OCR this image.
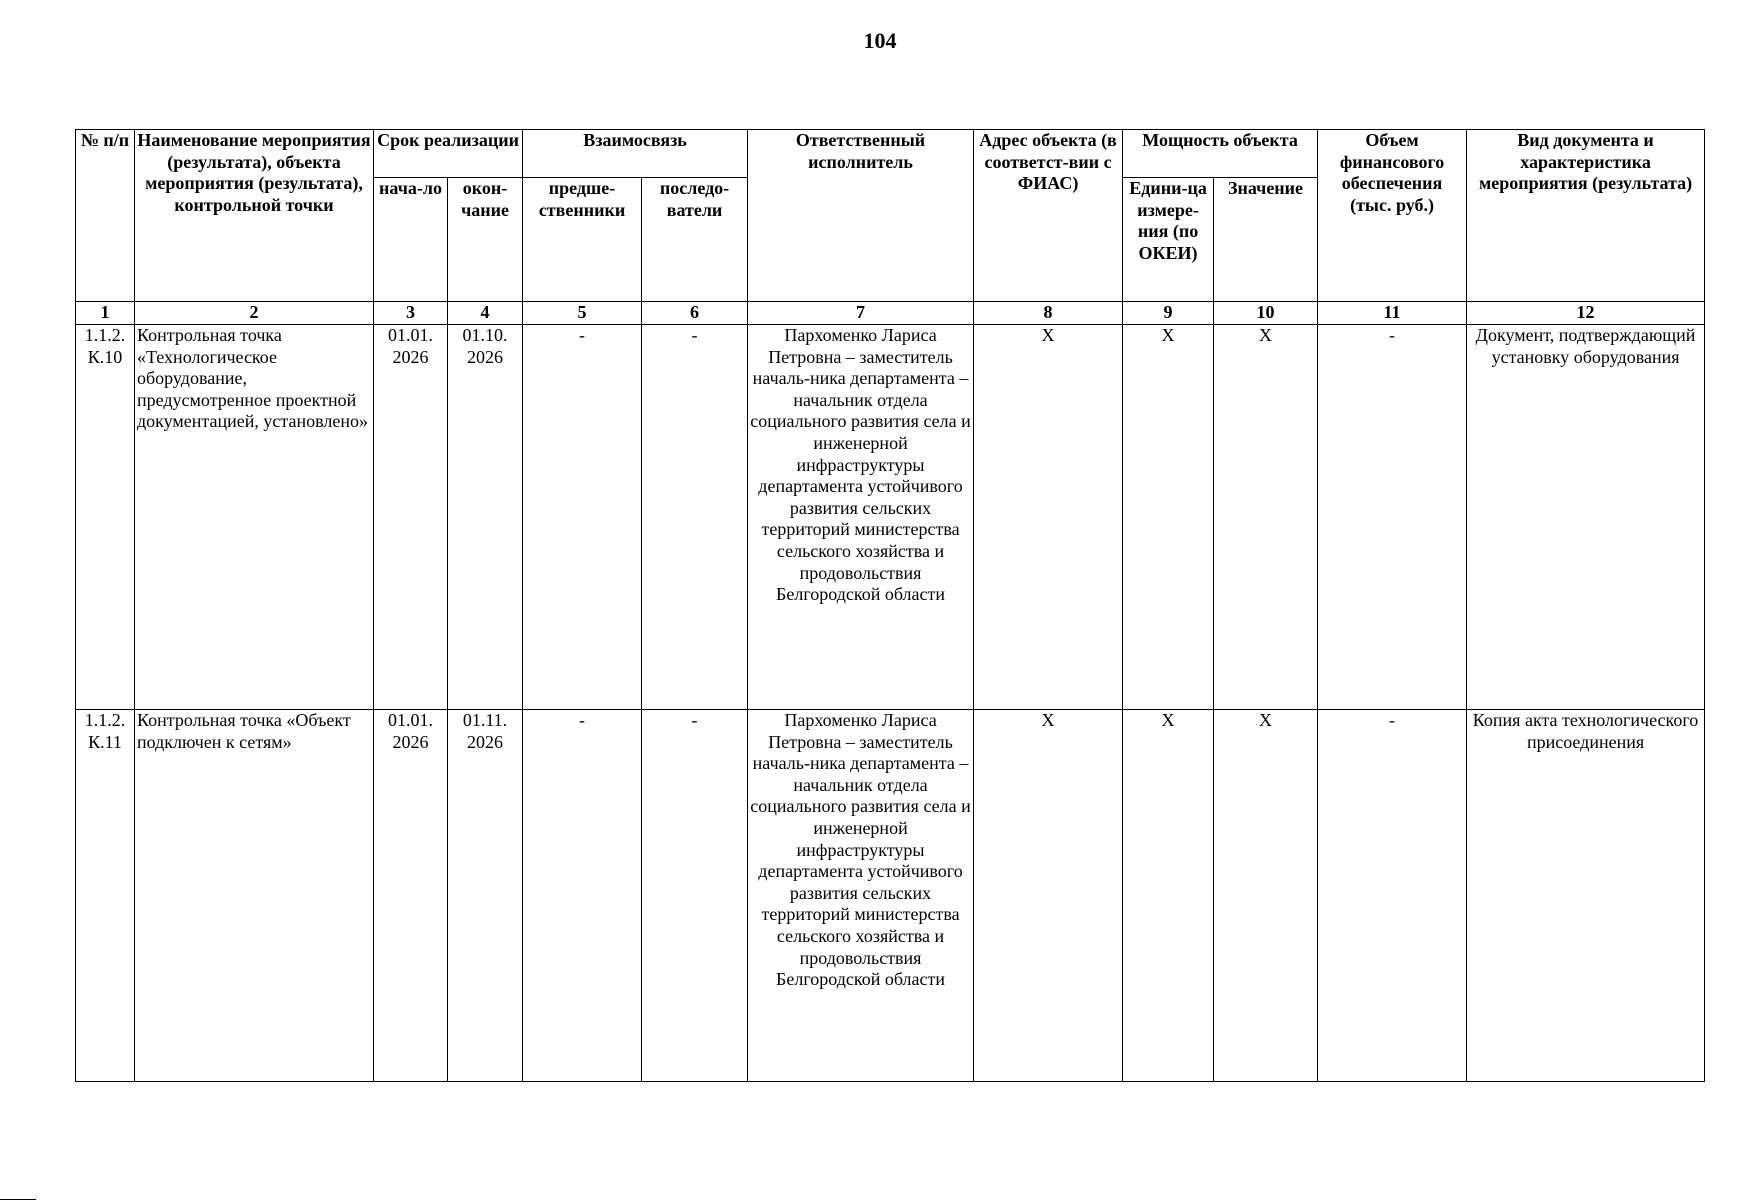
104
№ п/п	Наименование мероприятия (результата), объекта мероприятия (результата), контрольной точки	Срок реализации		Взаимосвязь		Ответственный исполнитель	Адрес объекта (в соответст-вии с ФИАС)	Мощность объекта		Объем финансового обеспечения (тыс. руб.)	Вид документа и характеристика мероприятия (результата)
		нача-ло	окон-чание	предше-ственники	последо-ватели			Едини-ца измере-ния (по ОКЕИ)	Значение		
1	2	3	4	5	6	7	8	9	10	11	12
1.1.2. К.10	Контрольная точка «Технологическое оборудование, предусмотренное проектной документацией, установлено»	01.01. 2026	01.10. 2026	-	-	Пархоменко Лариса Петровна – заместитель началь-ника департамента – начальник отдела социального развития села и инженерной инфраструктуры департамента устойчивого развития сельских территорий министерства сельского хозяйства и продовольствия Белгородской области	X	X	X	-	Документ, подтверждающий установку оборудования
1.1.2. К.11	Контрольная точка «Объект подключен к сетям»	01.01. 2026	01.11. 2026	-	-	Пархоменко Лариса Петровна – заместитель началь-ника департамента – начальник отдела социального развития села и инженерной инфраструктуры департамента устойчивого развития сельских территорий министерства сельского хозяйства и продовольствия Белгородской области	X	X	X	-	Копия акта технологического присоединения
